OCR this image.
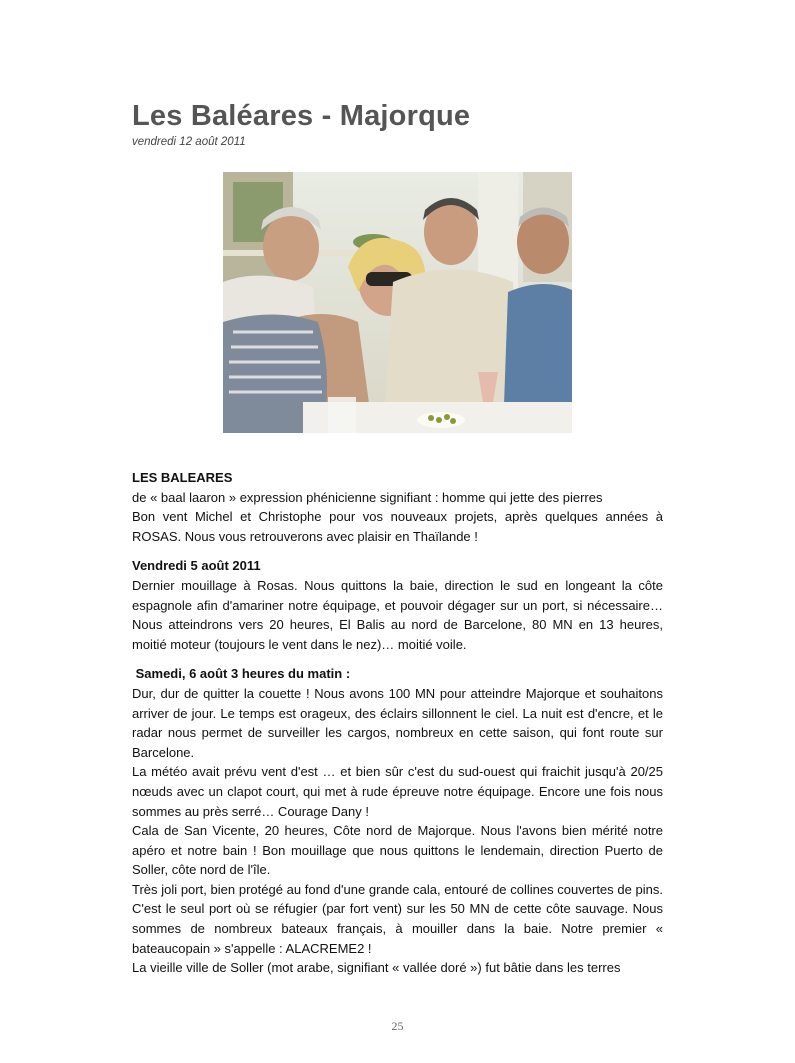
Les Baléares - Majorque
vendredi 12 août 2011

LES BALEARES

de « baal laaron » expression phénicienne signifiant : homme qui jette des pierres

Bon vent Michel et Christophe pour vos nouveaux projets, après quelques années à ROSAS. Nous vous retrouverons avec plaisir en Thaïlande !

Vendredi 5 août 2011

Dernier mouillage à Rosas. Nous quittons la baie, direction le sud en longeant la côte espagnole afin d'amariner notre équipage, et pouvoir dégager sur un port, si nécessaire…Nous atteindrons vers 20 heures, El Balis au nord de Barcelone, 80 MN en 13 heures, moitié moteur (toujours le vent dans le nez)… moitié voile.

Samedi, 6 août 3 heures du matin :

Dur, dur de quitter la couette ! Nous avons 100 MN pour atteindre Majorque et souhaitons arriver de jour. Le temps est orageux, des éclairs sillonnent le ciel. La nuit est d'encre, et le radar nous permet de surveiller les cargos, nombreux en cette saison, qui font route sur Barcelone.

La météo avait prévu vent d'est … et bien sûr c'est du sud-ouest qui fraichit jusqu'à 20/25 nœuds avec un clapot court, qui met à rude épreuve notre équipage. Encore une fois nous sommes au près serré… Courage Dany !

Cala de San Vicente, 20 heures, Côte nord de Majorque. Nous l'avons bien mérité notre apéro et notre bain ! Bon mouillage que nous quittons le lendemain, direction Puerto de Soller, côte nord de l'île.

Très joli port, bien protégé au fond d'une grande cala, entouré de collines couvertes de pins. C'est le seul port où se réfugier (par fort vent) sur les 50 MN de cette côte sauvage. Nous sommes de nombreux bateaux français, à mouiller dans la baie. Notre premier « bateaucopain » s'appelle : ALACREME2 !

La vieille ville de Soller (mot arabe, signifiant « vallée doré ») fut bâtie dans les terres

25
